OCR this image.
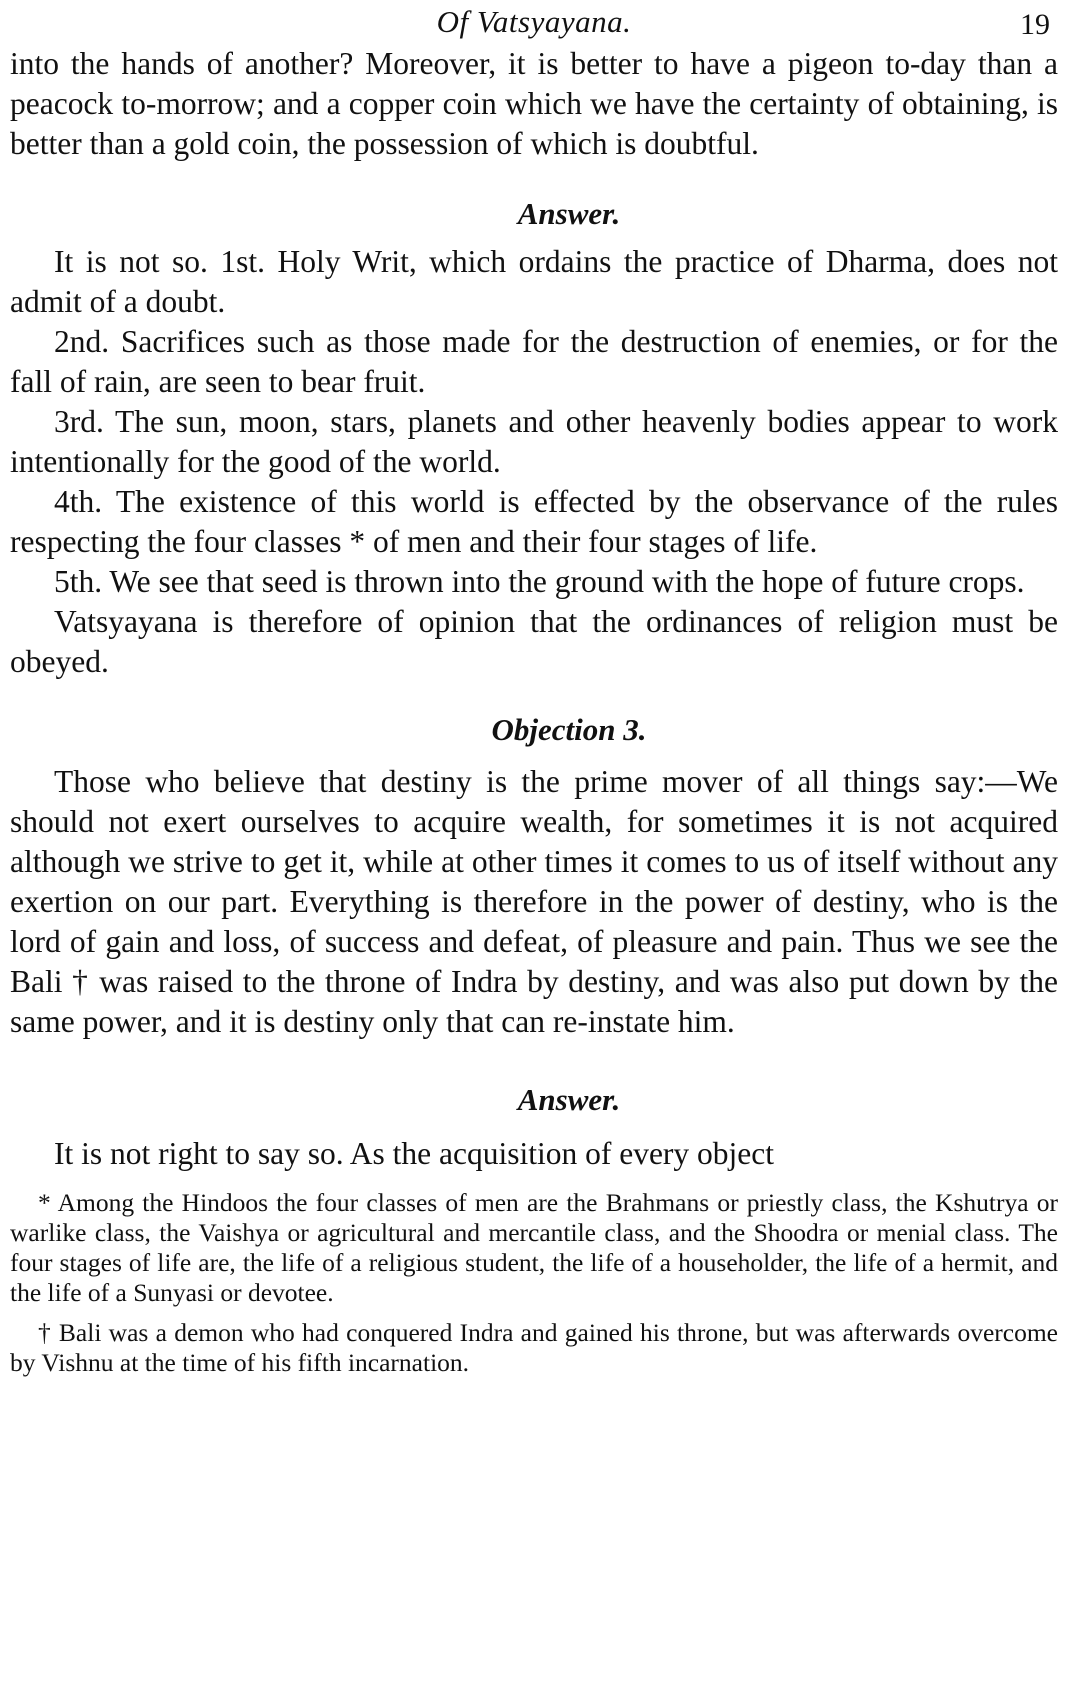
Of Vatsyayana.	19

into the hands of another? Moreover, it is better to have a pigeon to-day than a peacock to-morrow; and a copper coin which we have the certainty of obtaining, is better than a gold coin, the possession of which is doubtful.

Answer.

It is not so. 1st. Holy Writ, which ordains the practice of Dharma, does not admit of a doubt.

2nd. Sacrifices such as those made for the destruction of enemies, or for the fall of rain, are seen to bear fruit.

3rd. The sun, moon, stars, planets and other heavenly bodies appear to work intentionally for the good of the world.

4th. The existence of this world is effected by the observance of the rules respecting the four classes * of men and their four stages of life.

5th. We see that seed is thrown into the ground with the hope of future crops.

Vatsyayana is therefore of opinion that the ordinances of religion must be obeyed.

Objection 3.

Those who believe that destiny is the prime mover of all things say:—We should not exert ourselves to acquire wealth, for sometimes it is not acquired although we strive to get it, while at other times it comes to us of itself without any exertion on our part. Everything is therefore in the power of destiny, who is the lord of gain and loss, of success and defeat, of pleasure and pain. Thus we see the Bali † was raised to the throne of Indra by destiny, and was also put down by the same power, and it is destiny only that can re-instate him.

Answer.

It is not right to say so. As the acquisition of every object

* Among the Hindoos the four classes of men are the Brahmans or priestly class, the Kshutrya or warlike class, the Vaishya or agricultural and mercantile class, and the Shoodra or menial class. The four stages of life are, the life of a religious student, the life of a householder, the life of a hermit, and the life of a Sunyasi or devotee.

† Bali was a demon who had conquered Indra and gained his throne, but was afterwards overcome by Vishnu at the time of his fifth incarnation.
